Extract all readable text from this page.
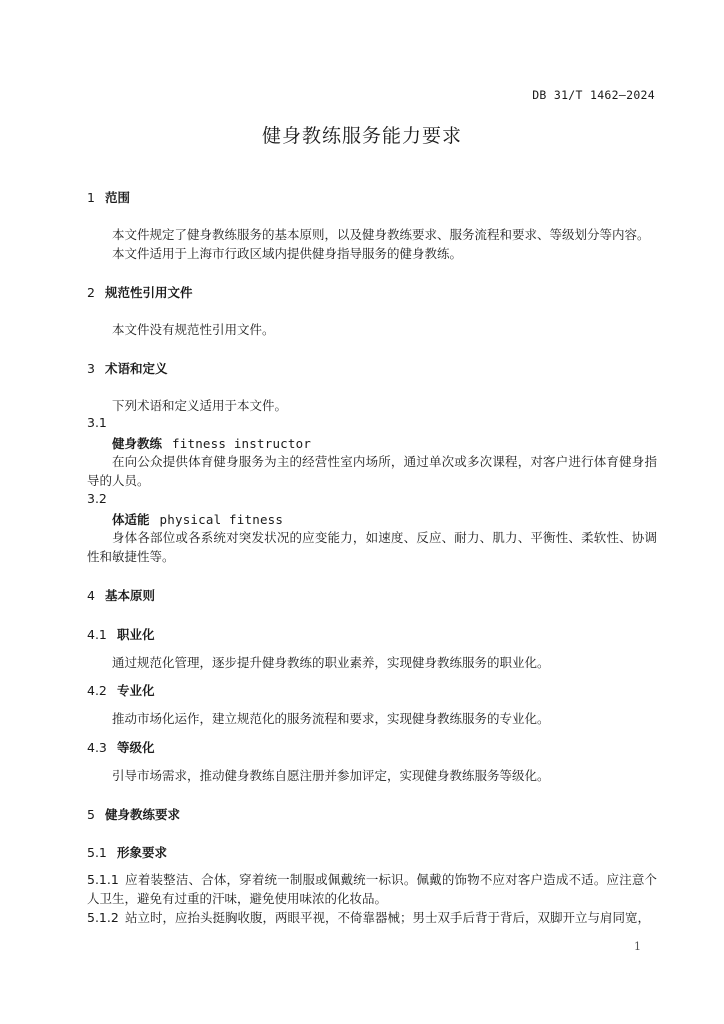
DB 31/T 1462—2024
健身教练服务能力要求
1 范围
本文件规定了健身教练服务的基本原则，以及健身教练要求、服务流程和要求、等级划分等内容。
本文件适用于上海市行政区域内提供健身指导服务的健身教练。
2 规范性引用文件
本文件没有规范性引用文件。
3 术语和定义
下列术语和定义适用于本文件。
3.1
健身教练 fitness instructor
在向公众提供体育健身服务为主的经营性室内场所，通过单次或多次课程，对客户进行体育健身指导的人员。
3.2
体适能 physical fitness
身体各部位或各系统对突发状况的应变能力，如速度、反应、耐力、肌力、平衡性、柔软性、协调性和敏捷性等。
4 基本原则
4.1 职业化
通过规范化管理，逐步提升健身教练的职业素养，实现健身教练服务的职业化。
4.2 专业化
推动市场化运作，建立规范化的服务流程和要求，实现健身教练服务的专业化。
4.3 等级化
引导市场需求，推动健身教练自愿注册并参加评定，实现健身教练服务等级化。
5 健身教练要求
5.1 形象要求
5.1.1 应着装整洁、合体，穿着统一制服或佩戴统一标识。佩戴的饰物不应对客户造成不适。应注意个人卫生，避免有过重的汗味，避免使用味浓的化妆品。
5.1.2 站立时，应抬头挺胸收腹，两眼平视，不倚靠器械；男士双手后背于背后，双脚开立与肩同宽，
1
